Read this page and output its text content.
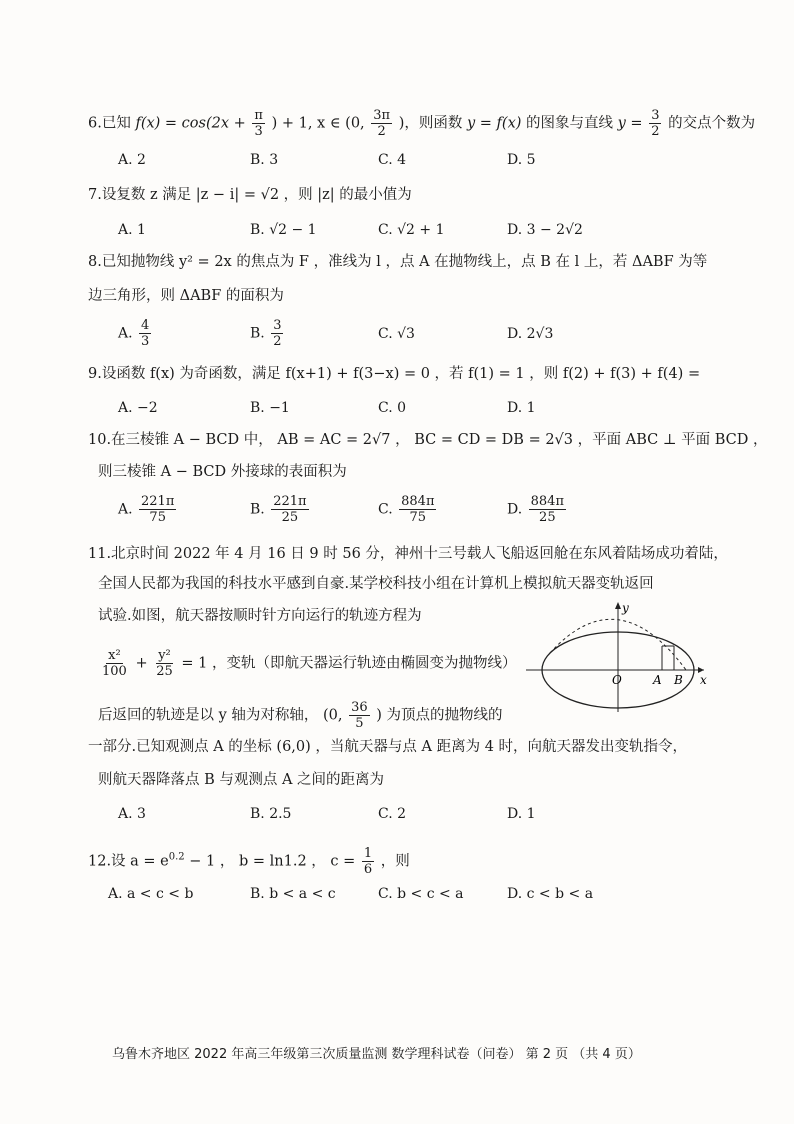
6.已知 $f(x) = \cos(2x + \frac{\pi}{3}$ ) + 1, x ∈ (0, $\frac{3\pi}{2}$ )，则函数 y = f(x) 的图象与直线 $y = \frac{3}{2}$ 的交点个数为
A. 2	B. 3	C. 4	D. 5
7.设复数 z 满足 |z − i| = √2 ，则 |z| 的最小值为
A. 1	B. √2 − 1	C. √2 + 1	D. 3 − 2√2
8.已知抛物线 y² = 2x 的焦点为 F ，准线为 l ，点 A 在抛物线上，点 B 在 l 上，若 ΔABF 为等
边三角形，则 ΔABF 的面积为
A. $\frac{4}{3}$	B. $\frac{3}{2}$	C. √3	D. 2√3
9.设函数 f(x) 为奇函数，满足 f(x+1) + f(3−x) = 0 ，若 f(1) = 1 ，则 f(2) + f(3) + f(4) =
A. −2	B. −1	C. 0	D. 1
10.在三棱锥 A − BCD 中， AB = AC = 2√7 ， BC = CD = DB = 2√3 ，平面 ABC ⊥ 平面 BCD ，
则三棱锥 A − BCD 外接球的表面积为
A. $\frac{221\pi}{75}$	B. $\frac{221\pi}{25}$	C. $\frac{884\pi}{75}$	D. $\frac{884\pi}{25}$
11.北京时间 2022 年 4 月 16 日 9 时 56 分，神州十三号载人飞船返回舱在东风着陆场成功着陆，
全国人民都为我国的科技水平感到自豪.某学校科技小组在计算机上模拟航天器变轨返回
试验.如图，航天器按顺时针方向运行的轨迹方程为
$\frac{\text{x²}}{100} + \frac{\text{y²}}{25} = 1$ ，变轨（即航天器运行轨迹由椭圆变为抛物线）
后返回的轨迹是以 y 轴为对称轴， (0, $\frac{36}{5}$ ) 为顶点的抛物线的
一部分.已知观测点 A 的坐标 (6,0) ，当航天器与点 A 距离为 4 时，向航天器发出变轨指令，
则航天器降落点 B 与观测点 A 之间的距离为
A. 3	B. 2.5	C. 2	D. 1
y
x
O	A B
12.设 $a = e^{0.2} - 1$ ， b = ln1.2 ， $c = \frac{1}{6}$ ，则
A. a < c < b	B. b < a < c	C. b < c < a	D. c < b < a
乌鲁木齐地区 2022 年高三年级第三次质量监测 数学理科试卷（问卷） 第 2 页 （共 4 页）
